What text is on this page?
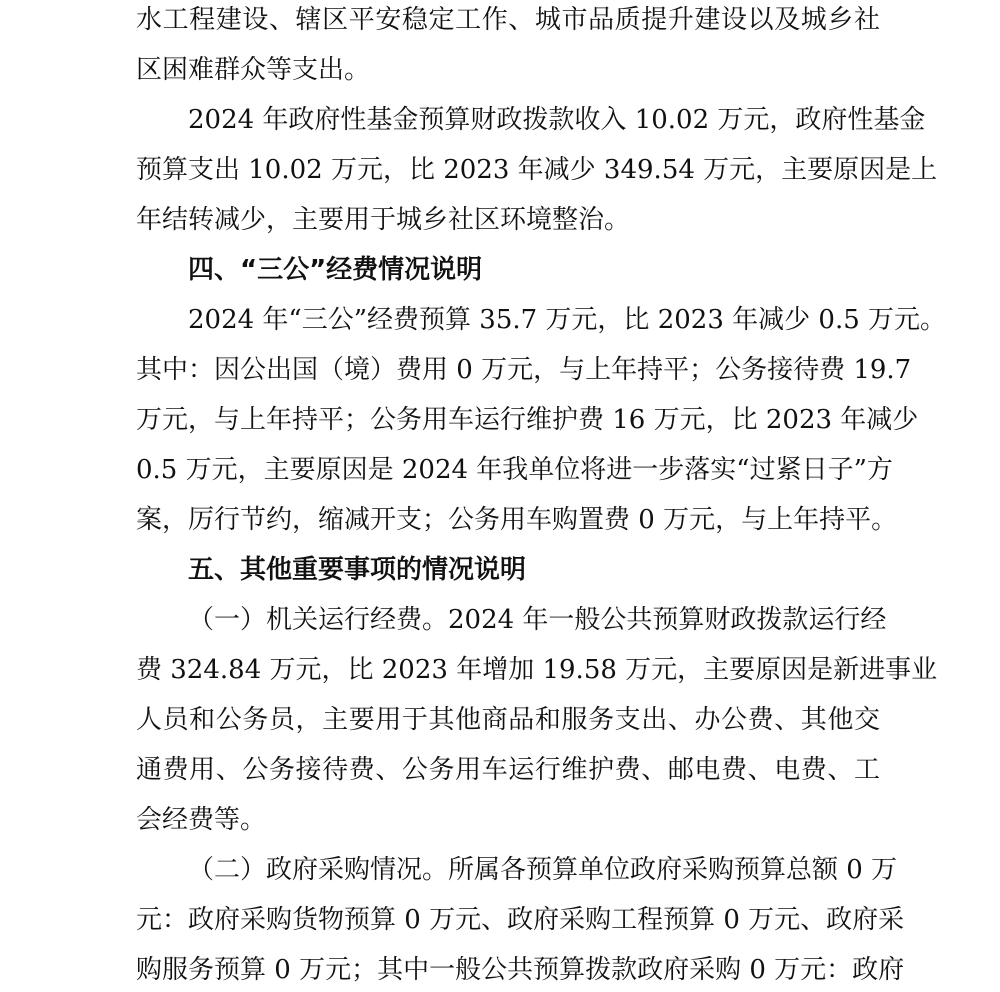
水工程建设、辖区平安稳定工作、城市品质提升建设以及城乡社
区困难群众等支出。
2024 年政府性基金预算财政拨款收入 10.02 万元，政府性基金
预算支出 10.02 万元，比 2023 年减少 349.54 万元，主要原因是上
年结转减少，主要用于城乡社区环境整治。
四、“三公”经费情况说明
2024 年“三公”经费预算 35.7 万元，比 2023 年减少 0.5 万元。
其中：因公出国（境）费用 0 万元，与上年持平；公务接待费 19.7
万元，与上年持平；公务用车运行维护费 16 万元，比 2023 年减少
0.5 万元，主要原因是 2024 年我单位将进一步落实“过紧日子”方
案，厉行节约，缩减开支；公务用车购置费 0 万元，与上年持平。
五、其他重要事项的情况说明
（一）机关运行经费。2024 年一般公共预算财政拨款运行经
费 324.84 万元，比 2023 年增加 19.58 万元，主要原因是新进事业
人员和公务员，主要用于其他商品和服务支出、办公费、其他交
通费用、公务接待费、公务用车运行维护费、邮电费、电费、工
会经费等。
（二）政府采购情况。所属各预算单位政府采购预算总额 0 万
元：政府采购货物预算 0 万元、政府采购工程预算 0 万元、政府采
购服务预算 0 万元；其中一般公共预算拨款政府采购 0 万元：政府
